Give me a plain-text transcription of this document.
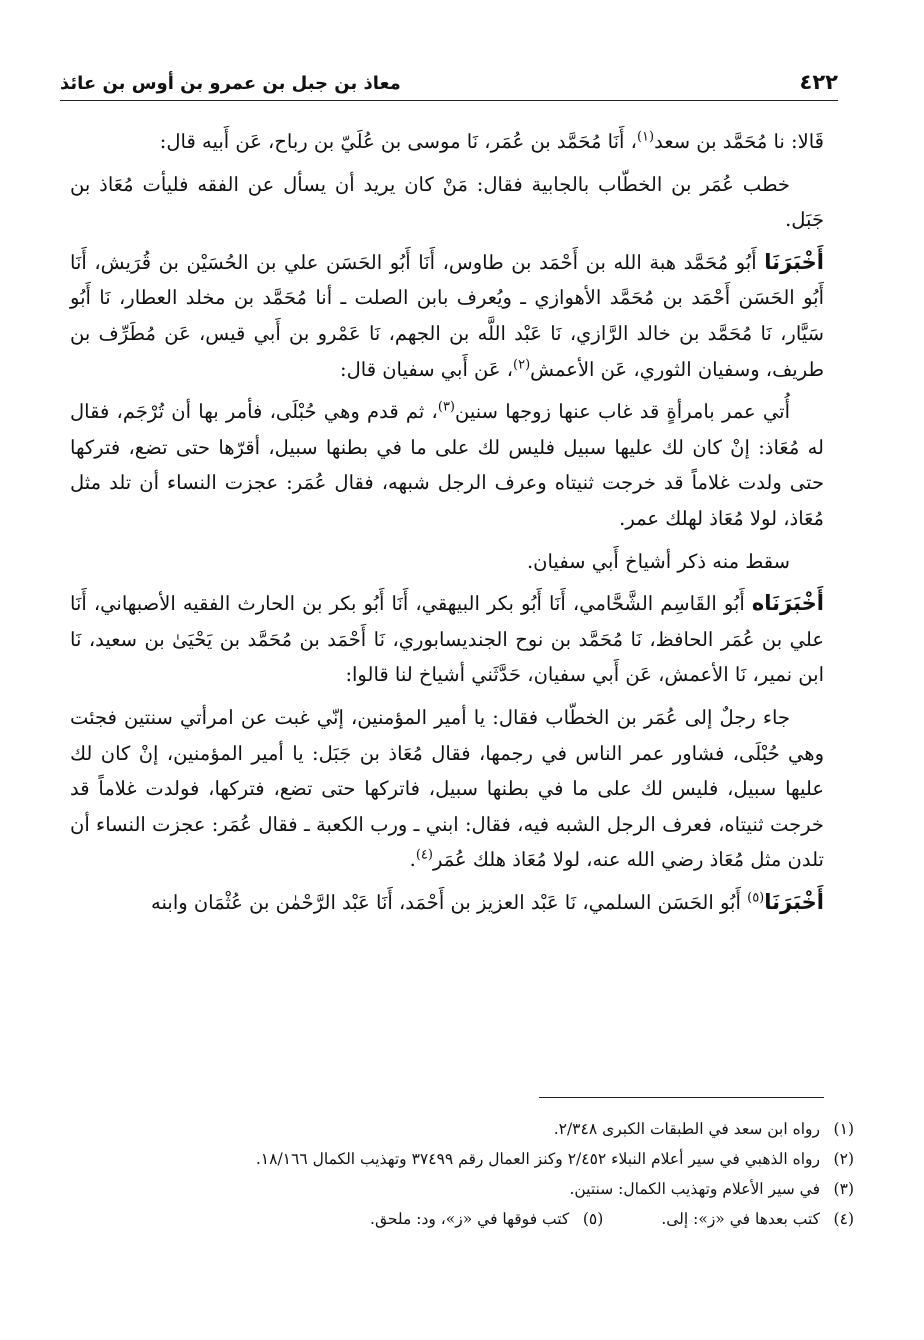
٤٢٢
معاذ بن جبل بن عمرو بن أوس بن عائذ

قَالا: نا مُحَمَّد بن سعد$^{(١)}$، أَنَا مُحَمَّد بن عُمَر، نَا موسى بن عُلَيّ بن رباح، عَن أَبيه قال:

خطب عُمَر بن الخطّاب بالجابية فقال: مَنْ كان يريد أن يسأل عن الفقه فليأت مُعَاذ بن جَبَل.

أَخْبَرَنَا أَبُو مُحَمَّد هبة الله بن أَحْمَد بن طاوس، أَنَا أَبُو الحَسَن علي بن الحُسَيْن بن قُرَيش، أَنَا أَبُو الحَسَن أَحْمَد بن مُحَمَّد الأهوازي ـ ويُعرف بابن الصلت ـ أنا مُحَمَّد بن مخلد العطار، نَا أَبُو سَيَّار، نَا مُحَمَّد بن خالد الرَّازي، نَا عَبْد اللَّه بن الجهم، نَا عَمْرو بن أَبي قيس، عَن مُطَرِّف بن طريف، وسفيان الثوري، عَن الأعمش$^{(٢)}$، عَن أَبي سفيان قال:

أُتي عمر بامرأةٍ قد غاب عنها زوجها سنين$^{(٣)}$، ثم قدم وهي حُبْلَى، فأمر بها أن تُرْجَم، فقال له مُعَاذ: إنْ كان لك عليها سبيل فليس لك على ما في بطنها سبيل، أقرّها حتى تضع، فتركها حتى ولدت غلاماً قد خرجت ثنيتاه وعرف الرجل شبهه، فقال عُمَر: عجزت النساء أن تلد مثل مُعَاذ، لولا مُعَاذ لهلك عمر.

سقط منه ذكر أشياخ أَبي سفيان.

أَخْبَرَنَاه أَبُو القَاسِم الشَّحَّامي، أَنَا أَبُو بكر البيهقي، أَنَا أَبُو بكر بن الحارث الفقيه الأصبهاني، أَنَا علي بن عُمَر الحافظ، نَا مُحَمَّد بن نوح الجنديسابوري، نَا أَحْمَد بن مُحَمَّد بن يَحْيَىٰ بن سعيد، نَا ابن نمير، نَا الأعمش، عَن أَبي سفيان، حَدَّثَني أشياخ لنا قالوا:

جاء رجلٌ إلى عُمَر بن الخطّاب فقال: يا أمير المؤمنين، إنّي غبت عن امرأتي سنتين فجئت وهي حُبْلَى، فشاور عمر الناس في رجمها، فقال مُعَاذ بن جَبَل: يا أمير المؤمنين، إنْ كان لك عليها سبيل، فليس لك على ما في بطنها سبيل، فاتركها حتى تضع، فتركها، فولدت غلاماً قد خرجت ثنيتاه، فعرف الرجل الشبه فيه، فقال: ابني ـ ورب الكعبة ـ فقال عُمَر: عجزت النساء أن تلدن مثل مُعَاذ رضي الله عنه، لولا مُعَاذ هلك عُمَر$^{(٤)}$.

أَخْبَرَنَا$^{(٥)}$ أَبُو الحَسَن السلمي، نَا عَبْد العزيز بن أَحْمَد، أَنَا عَبْد الرَّحْمٰن بن عُثْمَان وابنه

(١)
رواه ابن سعد في الطبقات الكبرى ٢/٣٤٨.
(٢)
رواه الذهبي في سير أعلام النبلاء ٢/٤٥٢ وكنز العمال رقم ٣٧٤٩٩ وتهذيب الكمال ١٨/١٦٦.
(٣)
في سير الأعلام وتهذيب الكمال: سنتين.
(٤)
كتب بعدها في «ز»: إلى.
(٥)
كتب فوقها في «ز»، ود: ملحق.
